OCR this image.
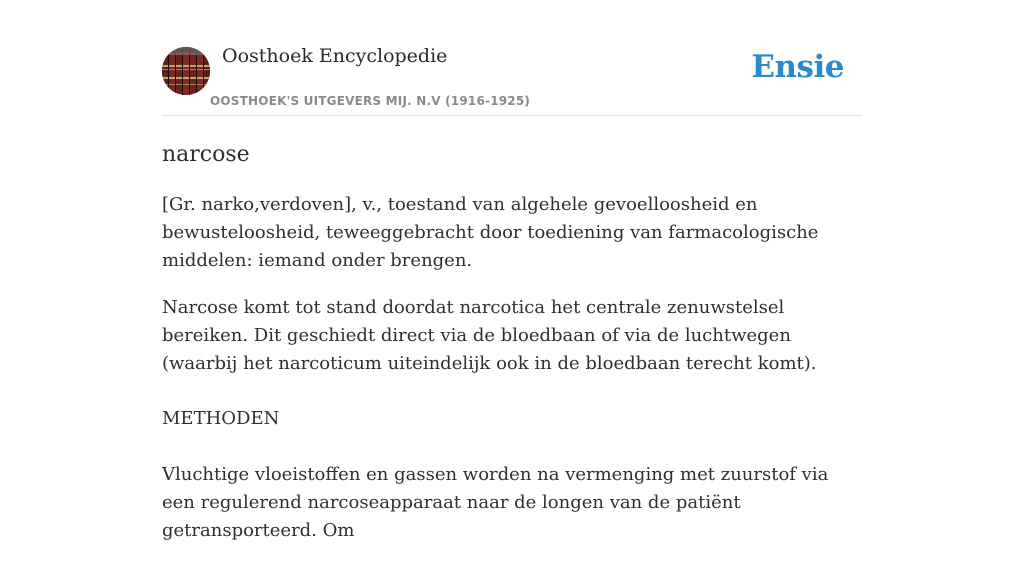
Oosthoek Encyclopedie
OOSTHOEK'S UITGEVERS MIJ. N.V (1916-1925)
Ensie
narcose

[Gr. narko,verdoven], v., toestand van algehele gevoelloosheid en bewusteloosheid, teweeggebracht door toediening van farmacologische middelen: iemand onder brengen.

Narcose komt tot stand doordat narcotica het centrale zenuwstelsel bereiken. Dit geschiedt direct via de bloedbaan of via de luchtwegen (waarbij het narcoticum uiteindelijk ook in de bloedbaan terecht komt).

METHODEN

Vluchtige vloeistoffen en gassen worden na vermenging met zuurstof via een regulerend narcoseapparaat naar de longen van de patiënt getransporteerd. Om
